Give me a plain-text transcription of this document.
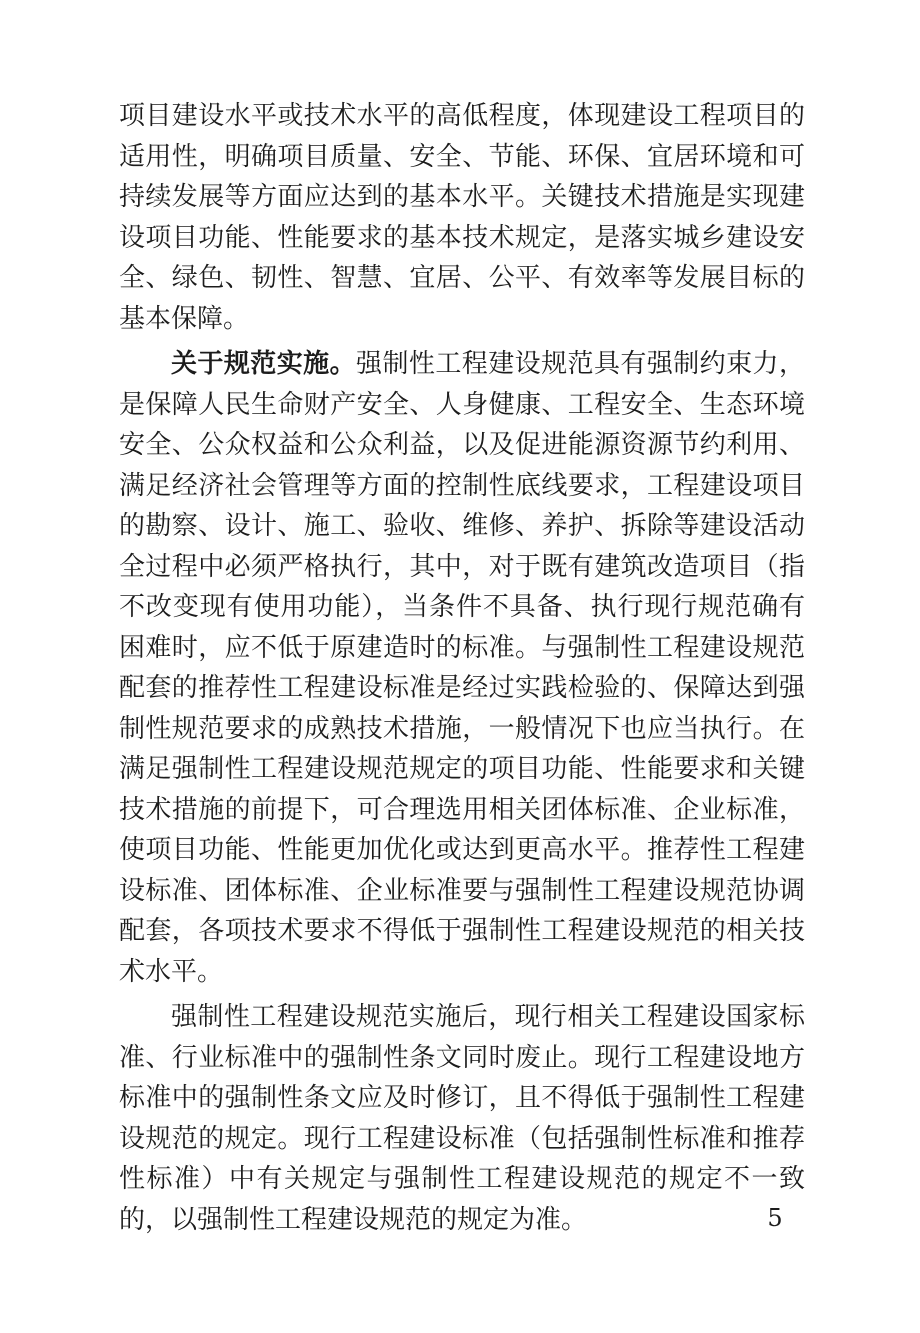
项目建设水平或技术水平的高低程度，体现建设工程项目的适用性，明确项目质量、安全、节能、环保、宜居环境和可持续发展等方面应达到的基本水平。关键技术措施是实现建设项目功能、性能要求的基本技术规定，是落实城乡建设安全、绿色、韧性、智慧、宜居、公平、有效率等发展目标的基本保障。

关于规范实施。强制性工程建设规范具有强制约束力，是保障人民生命财产安全、人身健康、工程安全、生态环境安全、公众权益和公众利益，以及促进能源资源节约利用、满足经济社会管理等方面的控制性底线要求，工程建设项目的勘察、设计、施工、验收、维修、养护、拆除等建设活动全过程中必须严格执行，其中，对于既有建筑改造项目（指不改变现有使用功能），当条件不具备、执行现行规范确有困难时，应不低于原建造时的标准。与强制性工程建设规范配套的推荐性工程建设标准是经过实践检验的、保障达到强制性规范要求的成熟技术措施，一般情况下也应当执行。在满足强制性工程建设规范规定的项目功能、性能要求和关键技术措施的前提下，可合理选用相关团体标准、企业标准，使项目功能、性能更加优化或达到更高水平。推荐性工程建设标准、团体标准、企业标准要与强制性工程建设规范协调配套，各项技术要求不得低于强制性工程建设规范的相关技术水平。

强制性工程建设规范实施后，现行相关工程建设国家标准、行业标准中的强制性条文同时废止。现行工程建设地方标准中的强制性条文应及时修订，且不得低于强制性工程建设规范的规定。现行工程建设标准（包括强制性标准和推荐性标准）中有关规定与强制性工程建设规范的规定不一致的，以强制性工程建设规范的规定为准。	5
